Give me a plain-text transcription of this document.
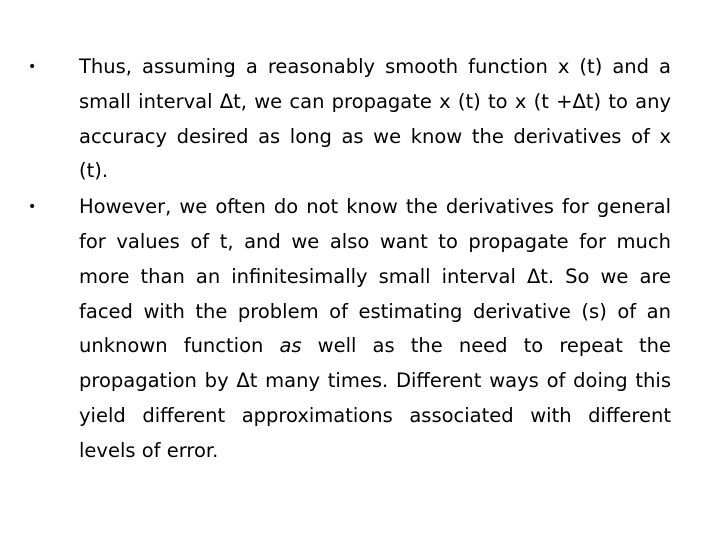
• Thus, assuming a reasonably smooth function x (t) and a small interval Δt, we can propagate x (t) to x (t +Δt) to any accuracy desired as long as we know the derivatives of x (t).
• However, we often do not know the derivatives for general for values of t, and we also want to propagate for much more than an infinitesimally small interval Δt. So we are faced with the problem of estimating derivative (s) of an unknown function as well as the need to repeat the propagation by Δt many times. Different ways of doing this yield different approximations associated with different levels of error.
